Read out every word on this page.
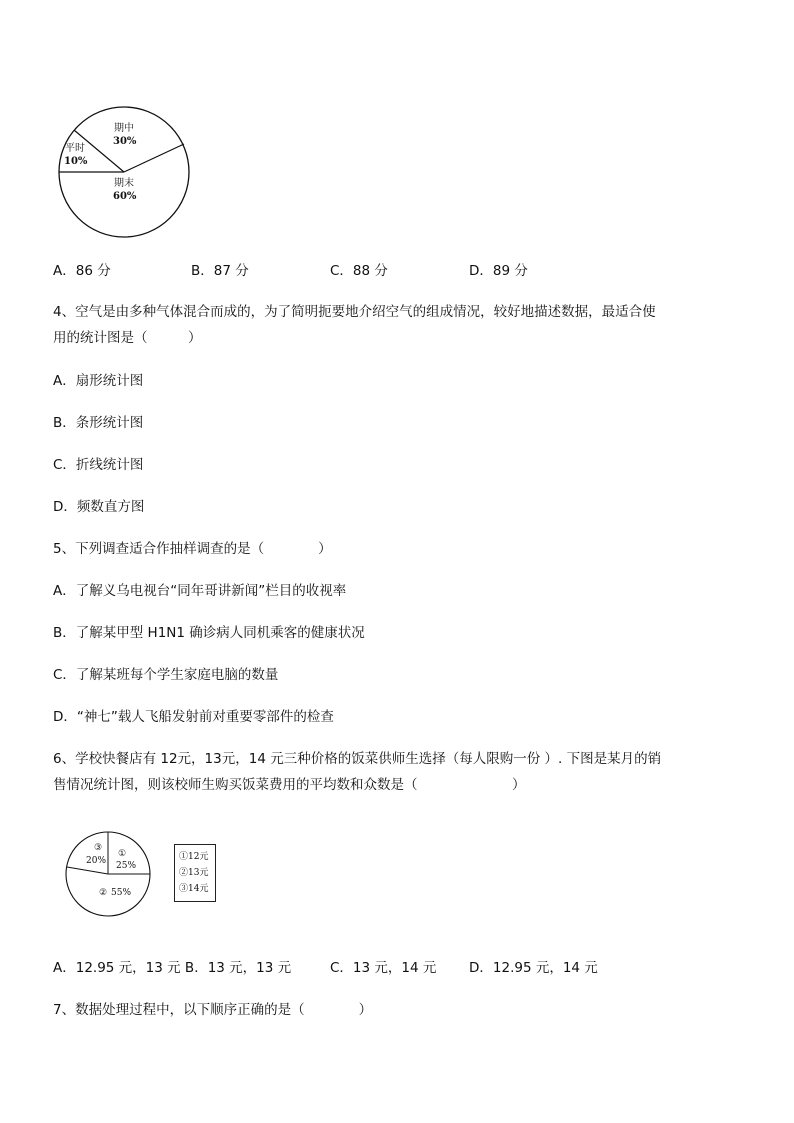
期中
30%
平时
10%
期末
60%
A．86 分	B．87 分	C．88 分	D．89 分
4、空气是由多种气体混合而成的，为了简明扼要地介绍空气的组成情况，较好地描述数据，最适合使
用的统计图是（　　　）
A．扇形统计图
B．条形统计图
C．折线统计图
D．频数直方图
5、下列调查适合作抽样调查的是（　　　　）
A．了解义乌电视台“同年哥讲新闻”栏目的收视率
B．了解某甲型 H1N1 确诊病人同机乘客的健康状况
C．了解某班每个学生家庭电脑的数量
D．“神七”载人飞船发射前对重要零部件的检查
6、学校快餐店有 12元，13元，14 元三种价格的饭菜供师生选择（每人限购一份 ）. 下图是某月的销
售情况统计图，则该校师生购买饭菜费用的平均数和众数是（　　　　　　　）
①
25%
③
20%
② 55%
①12元
②13元
③14元
A．12.95 元，13 元 B．13 元，13 元	C．13 元，14 元 D．12.95 元，14 元
7、数据处理过程中，以下顺序正确的是（　　　　）
